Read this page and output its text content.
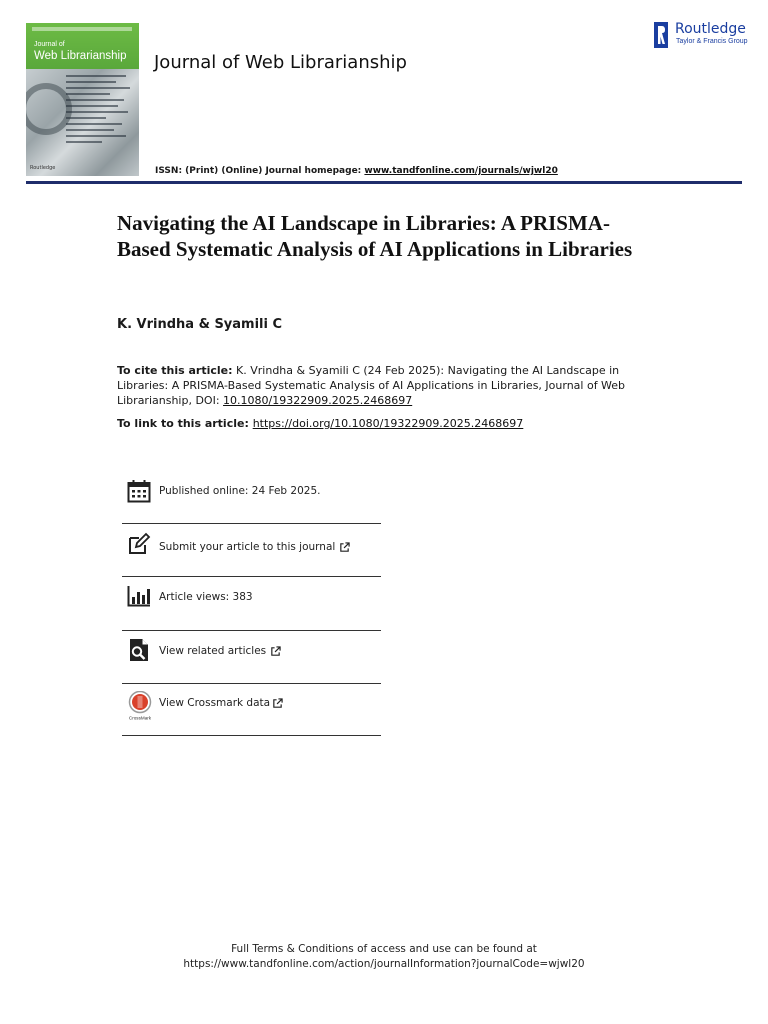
Journal of
Web Librarianship
Routledge
Journal of Web Librarianship
Routledge
Taylor & Francis Group
ISSN: (Print) (Online) Journal homepage: www.tandfonline.com/journals/wjwl20
Navigating the AI Landscape in Libraries: A PRISMA-Based Systematic Analysis of AI Applications in Libraries
K. Vrindha & Syamili C
To cite this article: K. Vrindha & Syamili C (24 Feb 2025): Navigating the AI Landscape in Libraries: A PRISMA-Based Systematic Analysis of AI Applications in Libraries, Journal of Web Librarianship, DOI: 10.1080/19322909.2025.2468697
To link to this article: https://doi.org/10.1080/19322909.2025.2468697
Published online: 24 Feb 2025.
Submit your article to this journal
Article views: 383
View related articles
CrossMark
View Crossmark data
Full Terms & Conditions of access and use can be found at
https://www.tandfonline.com/action/journalInformation?journalCode=wjwl20
